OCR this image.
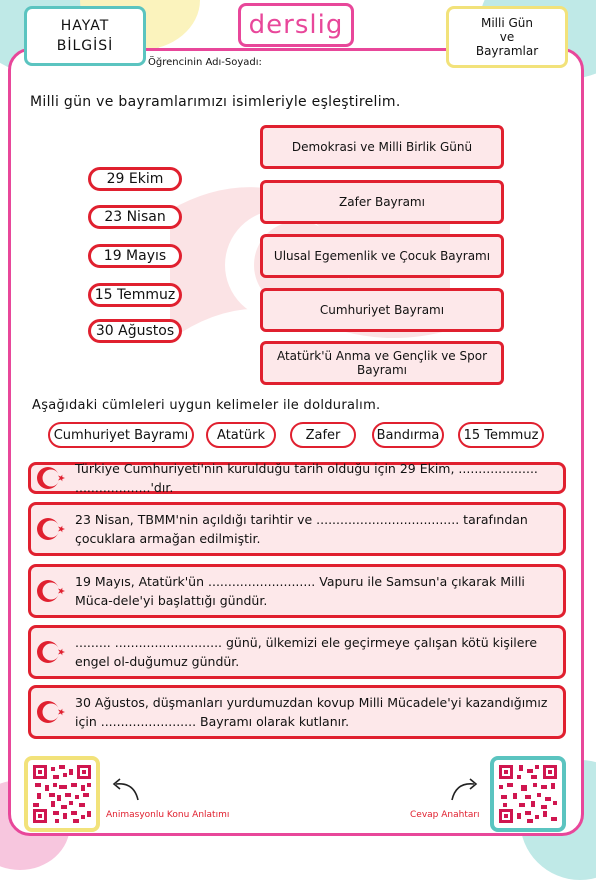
HAYAT
BİLGİSİ
derslig	Milli Gün
ve
Bayramlar
Öğrencinin Adı-Soyadı:
Milli gün ve bayramlarımızı isimleriyle eşleştirelim.
29 Ekim
23 Nisan
19 Mayıs
15 Temmuz
30 Ağustos
Demokrasi ve Milli Birlik Günü
Zafer Bayramı
Ulusal Egemenlik ve Çocuk Bayramı
Cumhuriyet Bayramı
Atatürk'ü Anma ve Gençlik ve Spor Bayramı
Aşağıdaki cümleleri uygun kelimeler ile dolduralım.
Cumhuriyet Bayramı	Atatürk	Zafer	Bandırma	15 Temmuz
Türkiye Cumhuriyeti'nin kurulduğu tarih olduğu için 29 Ekim, .................... ...................'dır.
23 Nisan, TBMM'nin açıldığı tarihtir ve .................................... tarafından çocuklara armağan edilmiştir.
19 Mayıs, Atatürk'ün ........................... Vapuru ile Samsun'a çıkarak Milli Müca-dele'yi başlattığı gündür.
......... ........................... günü, ülkemizi ele geçirmeye çalışan kötü kişilere engel ol-duğumuz gündür.
30 Ağustos, düşmanları yurdumuzdan kovup Milli Mücadele'yi kazandığımız için ........................ Bayramı olarak kutlanır.
Animasyonlu Konu Anlatımı	Cevap Anahtarı
